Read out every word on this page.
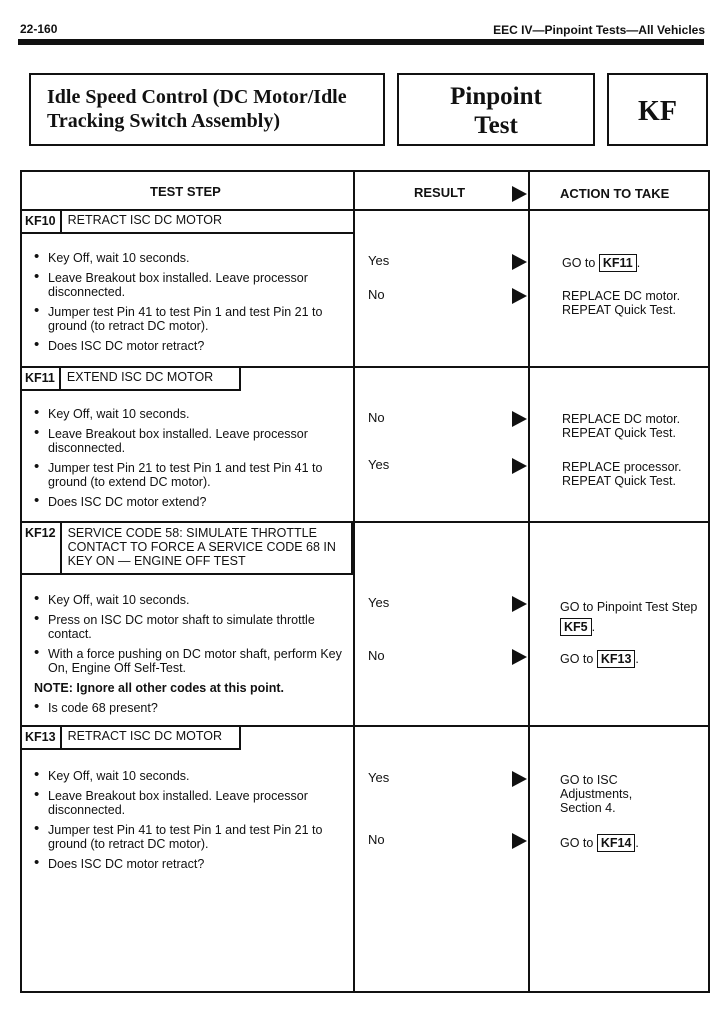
22-160	EEC IV—Pinpoint Tests—All Vehicles
Idle Speed Control (DC Motor/Idle
Tracking Switch Assembly)
Pinpoint
Test	KF
TEST STEP	RESULT	ACTION TO TAKE
KF10 RETRACT ISC DC MOTOR
• Key Off, wait 10 seconds.
• Leave Breakout box installed. Leave processor disconnected.
• Jumper test Pin 41 to test Pin 1 and test Pin 21 to ground (to retract DC motor).
• Does ISC DC motor retract?
Yes	GO to KF11 .
No	REPLACE DC motor. REPEAT Quick Test.
KF11 EXTEND ISC DC MOTOR
• Key Off, wait 10 seconds.
• Leave Breakout box installed. Leave processor disconnected.
• Jumper test Pin 21 to test Pin 1 and test Pin 41 to ground (to extend DC motor).
• Does ISC DC motor extend?
No	REPLACE DC motor. REPEAT Quick Test.
Yes	REPLACE processor. REPEAT Quick Test.
KF12 SERVICE CODE 58: SIMULATE THROTTLE CONTACT TO FORCE A SERVICE CODE 68 IN KEY ON — ENGINE OFF TEST
• Key Off, wait 10 seconds.
• Press on ISC DC motor shaft to simulate throttle contact.
• With a force pushing on DC motor shaft, perform Key On, Engine Off Self-Test.
NOTE: Ignore all other codes at this point.
• Is code 68 present?
Yes	GO to Pinpoint Test Step KF5 .
No	GO to KF13 .
KF13 RETRACT ISC DC MOTOR
• Key Off, wait 10 seconds.
• Leave Breakout box installed. Leave processor disconnected.
• Jumper test Pin 41 to test Pin 1 and test Pin 21 to ground (to retract DC motor).
• Does ISC DC motor retract?
Yes	GO to ISC Adjustments, Section 4.
No	GO to KF14 .
